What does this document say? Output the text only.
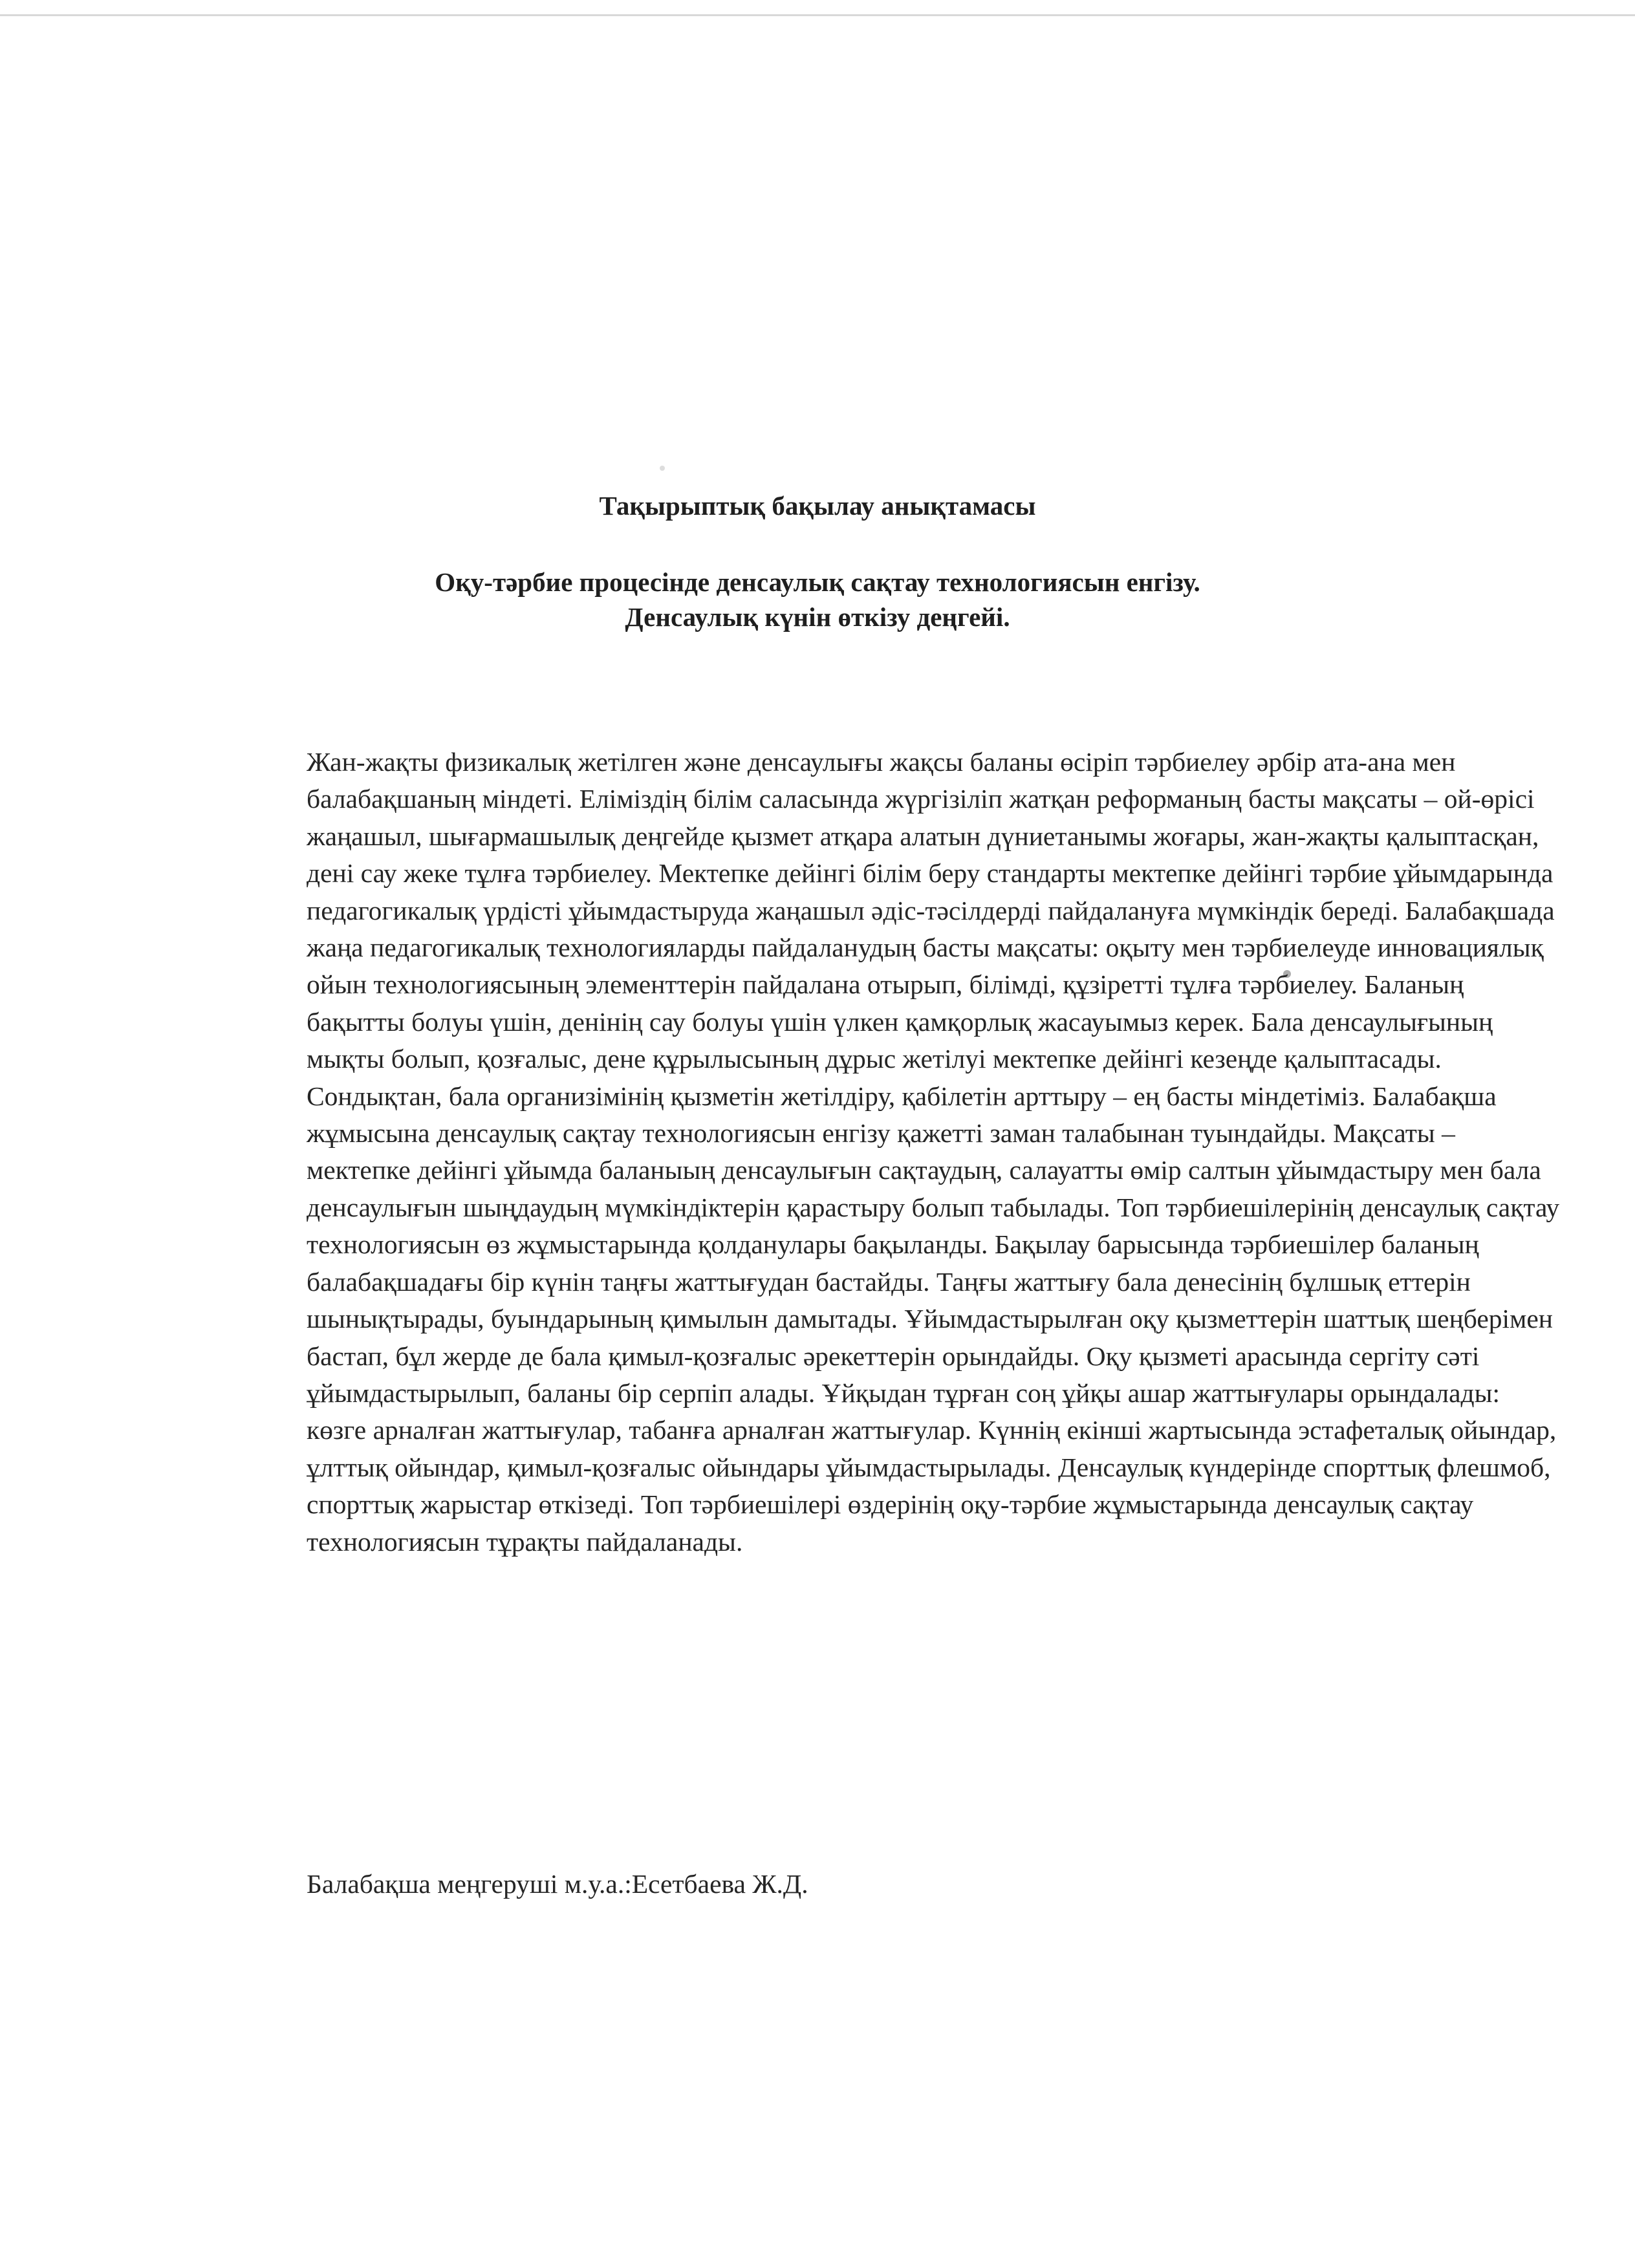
Тақырыптық бақылау анықтамасы
Оқу-тәрбие процесінде денсаулық сақтау технологиясын енгізу.
Денсаулық күнін өткізу деңгейі.

Жан-жақты физикалық жетілген және денсаулығы жақсы баланы өсіріп тәрбиелеу әрбір ата-ана мен балабақшаның міндеті. Еліміздің білім саласында жүргізіліп жатқан реформаның басты мақсаты – ой-өрісі жаңашыл, шығармашылық деңгейде қызмет атқара алатын дүниетанымы жоғары, жан-жақты қалыптасқан, дені сау жеке тұлға тәрбиелеу. Мектепке дейінгі білім беру стандарты мектепке дейінгі тәрбие ұйымдарында педагогикалық үрдісті ұйымдастыруда жаңашыл әдіс-тәсілдерді пайдалануға мүмкіндік береді. Балабақшада жаңа педагогикалық технологияларды пайдаланудың басты мақсаты: оқыту мен тәрбиелеуде инновациялық ойын технологиясының элементтерін пайдалана отырып, білімді, құзіретті тұлға тәрбиелеу. Баланың бақытты болуы үшін, денінің сау болуы үшін үлкен қамқорлық жасауымыз керек. Бала денсаулығының мықты болып, қозғалыс, дене құрылысының дұрыс жетілуі мектепке дейінгі кезеңде қалыптасады. Сондықтан, бала организімінің қызметін жетілдіру, қабілетін арттыру – ең басты міндетіміз. Балабақша жұмысына денсаулық сақтау технологиясын енгізу қажетті заман талабынан туындайды. Мақсаты – мектепке дейінгі ұйымда баланыың денсаулығын сақтаудың, салауатты өмір салтын ұйымдастыру мен бала денсаулығын шыңдаудың мүмкіндіктерін қарастыру болып табылады. Топ тәрбиешілерінің денсаулық сақтау технологиясын өз жұмыстарында қолданулары бақыланды. Бақылау барысында тәрбиешілер баланың балабақшадағы бір күнін таңғы жаттығудан бастайды. Таңғы жаттығу бала денесінің бұлшық еттерін шынықтырады, буындарының қимылын дамытады. Ұйымдастырылған оқу қызметтерін шаттық шеңберімен бастап, бұл жерде де бала қимыл-қозғалыс әрекеттерін орындайды. Оқу қызметі арасында сергіту сәті ұйымдастырылып, баланы бір серпіп алады. Ұйқыдан тұрған соң ұйқы ашар жаттығулары орындалады: көзге арналған жаттығулар, табанға арналған жаттығулар. Күннің екінші жартысында эстафеталық ойындар, ұлттық ойындар, қимыл-қозғалыс ойындары ұйымдастырылады. Денсаулық күндерінде спорттық флешмоб, спорттық жарыстар өткізеді. Топ тәрбиешілері өздерінің оқу-тәрбие жұмыстарында денсаулық сақтау технологиясын тұрақты пайдаланады.

Балабақша меңгеруші м.у.а.:Есетбаева Ж.Д.
